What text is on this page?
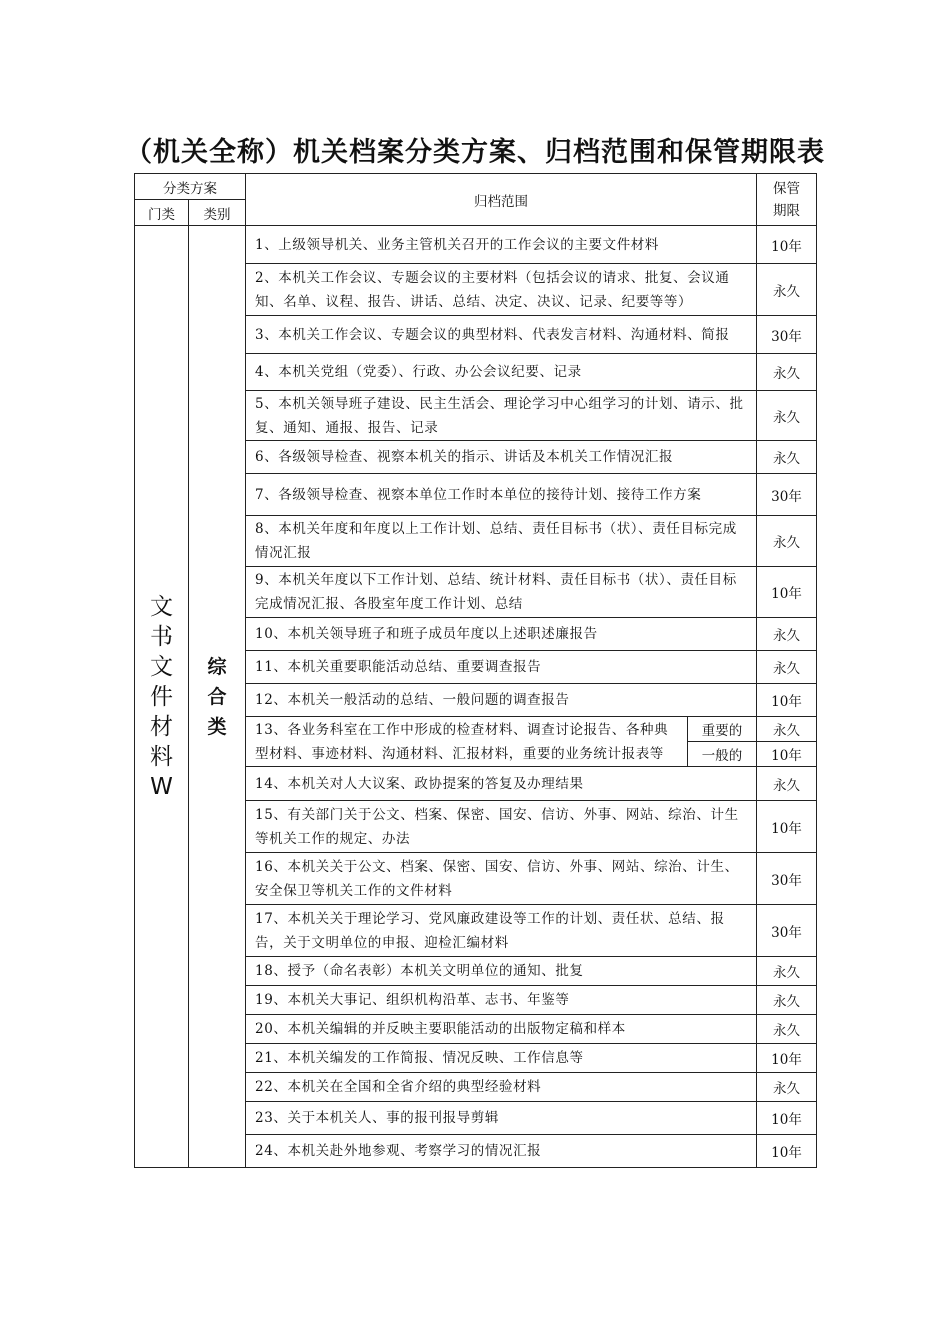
（机关全称）机关档案分类方案、归档范围和保管期限表
分类方案		归档范围		保管期限
门类	类别			
文书文件材料W	综合类	1、上级领导机关、业务主管机关召开的工作会议的主要文件材料		10年
		2、本机关工作会议、专题会议的主要材料（包括会议的请求、批复、会议通知、名单、议程、报告、讲话、总结、决定、决议、记录、纪要等等）		永久
		3、本机关工作会议、专题会议的典型材料、代表发言材料、沟通材料、简报		30年
		4、本机关党组（党委）、行政、办公会议纪要、记录		永久
		5、本机关领导班子建设、民主生活会、理论学习中心组学习的计划、请示、批复、通知、通报、报告、记录		永久
		6、各级领导检查、视察本机关的指示、讲话及本机关工作情况汇报		永久
		7、各级领导检查、视察本单位工作时本单位的接待计划、接待工作方案		30年
		8、本机关年度和年度以上工作计划、总结、责任目标书（状）、责任目标完成情况汇报		永久
		9、本机关年度以下工作计划、总结、统计材料、责任目标书（状）、责任目标完成情况汇报、各股室年度工作计划、总结		10年
		10、本机关领导班子和班子成员年度以上述职述廉报告		永久
		11、本机关重要职能活动总结、重要调查报告		永久
		12、本机关一般活动的总结、一般问题的调查报告		10年
		13、各业务科室在工作中形成的检查材料、调查讨论报告、各种典型材料、事迹材料、沟通材料、汇报材料，重要的业务统计报表等	重要的	永久
			一般的	10年
		14、本机关对人大议案、政协提案的答复及办理结果		永久
		15、有关部门关于公文、档案、保密、国安、信访、外事、网站、综治、计生等机关工作的规定、办法		10年
		16、本机关关于公文、档案、保密、国安、信访、外事、网站、综治、计生、安全保卫等机关工作的文件材料		30年
		17、本机关关于理论学习、党风廉政建设等工作的计划、责任状、总结、报告，关于文明单位的申报、迎检汇编材料		30年
		18、授予（命名表彰）本机关文明单位的通知、批复		永久
		19、本机关大事记、组织机构沿革、志书、年鉴等		永久
		20、本机关编辑的并反映主要职能活动的出版物定稿和样本		永久
		21、本机关编发的工作简报、情况反映、工作信息等		10年
		22、本机关在全国和全省介绍的典型经验材料		永久
		23、关于本机关人、事的报刊报导剪辑		10年
		24、本机关赴外地参观、考察学习的情况汇报		10年
